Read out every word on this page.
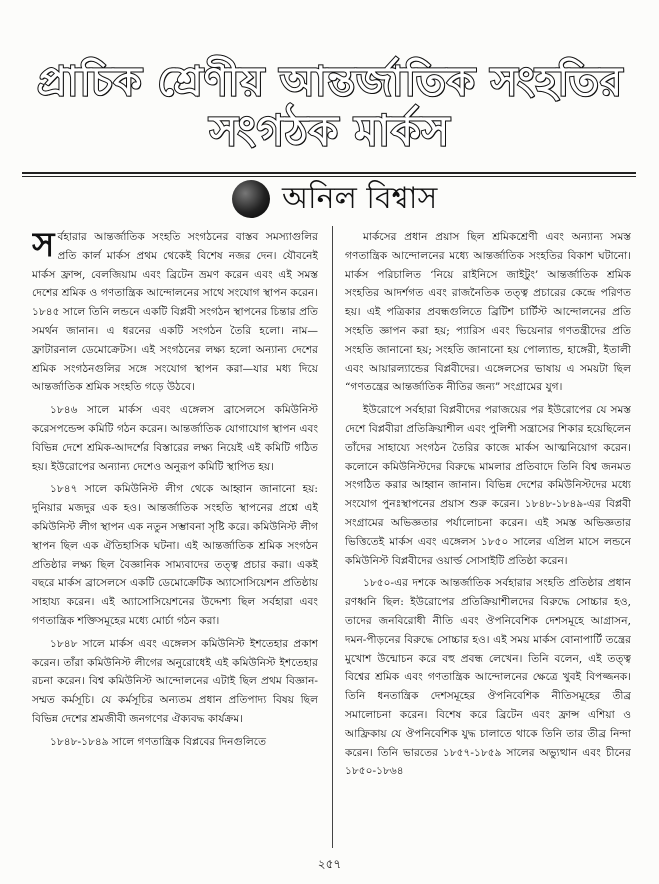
প্রাচিক শ্রেণীয় আন্তর্জাতিক সংহতির
সংগঠক মার্কস
অনিল বিশ্বাস

সর্বহারার আন্তর্জাতিক সংহতি সংগঠনের বাস্তব সমস্যাগুলির প্রতি কার্ল মার্কস প্রথম থেকেই বিশেষ নজর দেন। যৌবনেই মার্কস ফ্রান্স, বেলজিয়াম এবং ব্রিটেন ভ্রমণ করেন এবং এই সমস্ত দেশের শ্রমিক ও গণতান্ত্রিক আন্দোলনের সাথে সংযোগ স্থাপন করেন। ১৮৪৫ সালে তিনি লন্ডনে একটি বিপ্লবী সংগঠন স্থাপনের চিন্তার প্রতি সমর্থন জানান। এ ধরনের একটি সংগঠন তৈরি হলো। নাম—ফ্রাটারনাল ডেমোক্রেটস। এই সংগঠনের লক্ষ্য হলো অন্যান্য দেশের শ্রমিক সংগঠনগুলির সঙ্গে সংযোগ স্থাপন করা—যার মধ্য দিয়ে আন্তর্জাতিক শ্রমিক সংহতি গড়ে উঠবে।

১৮৪৬ সালে মার্কস এবং এঙ্গেলস ব্রাসেলসে কমিউনিস্ট করেসপন্ডেন্স কমিটি গঠন করেন। আন্তর্জাতিক যোগাযোগ স্থাপন এবং বিভিন্ন দেশে শ্রমিক-আদর্শের বিস্তারের লক্ষ্য নিয়েই এই কমিটি গঠিত হয়। ইউরোপের অন্যান্য দেশেও অনুরূপ কমিটি স্থাপিত হয়।

১৮৪৭ সালে কমিউনিস্ট লীগ থেকে আহ্বান জানানো হয়: দুনিয়ার মজদুর এক হও। আন্তর্জাতিক সংহতি স্থাপনের প্রশ্নে এই কমিউনিস্ট লীগ স্থাপন এক নতুন সম্ভাবনা সৃষ্টি করে। কমিউনিস্ট লীগ স্থাপন ছিল এক ঐতিহাসিক ঘটনা। এই আন্তর্জাতিক শ্রমিক সংগঠন প্রতিষ্ঠার লক্ষ্য ছিল বৈজ্ঞানিক সাম্যবাদের তত্ত্ব প্রচার করা। একই বছরে মার্কস ব্রাসেলসে একটি ডেমোক্রেটিক অ্যাসোসিয়েশন প্রতিষ্ঠায় সাহায্য করেন। এই অ্যাসোসিয়েশনের উদ্দেশ্য ছিল সর্বহারা এবং গণতান্ত্রিক শক্তিসমূহের মধ্যে মোর্চা গঠন করা।

১৮৪৮ সালে মার্কস এবং এঙ্গেলস কমিউনিস্ট ইশতেহার প্রকাশ করেন। তাঁরা কমিউনিস্ট লীগের অনুরোধেই এই কমিউনিস্ট ইশতেহার রচনা করেন। বিশ্ব কমিউনিস্ট আন্দোলনের এটাই ছিল প্রথম বিজ্ঞান-সম্মত কর্মসূচি। যে কর্মসূচির অন্যতম প্রধান প্রতিপাদ্য বিষয় ছিল বিভিন্ন দেশের শ্রমজীবী জনগণের ঐক্যবদ্ধ কার্যক্রম।

১৮৪৮-১৮৪৯ সালে গণতান্ত্রিক বিপ্লবের দিনগুলিতে

মার্কসের প্রধান প্রয়াস ছিল শ্রমিকশ্রেণী এবং অন্যান্য সমস্ত গণতান্ত্রিক আন্দোলনের মধ্যে আন্তর্জাতিক সংহতির বিকাশ ঘটানো। মার্কস পরিচালিত ‘নিয়ে রাইনিসে জাইটুং’ আন্তর্জাতিক শ্রমিক সংহতির আদর্শগত এবং রাজনৈতিক তত্ত্ব প্রচারের কেন্দ্রে পরিণত হয়। এই পত্রিকার প্রবন্ধগুলিতে ব্রিটিশ চার্টিস্ট আন্দোলনের প্রতি সংহতি জ্ঞাপন করা হয়; প্যারিস এবং ভিয়েনার গণতন্ত্রীদের প্রতি সংহতি জানানো হয়; সংহতি জানানো হয় পোল্যান্ড, হাঙ্গেরী, ইতালী এবং আয়ারল্যান্ডের বিপ্লবীদের। এঙ্গেলসের ভাষায় এ সময়টা ছিল “গণতন্ত্রের আন্তর্জাতিক নীতির জন্য” সংগ্রামের যুগ।

ইউরোপে সর্বহারা বিপ্লবীদের পরাজয়ের পর ইউরোপের যে সমস্ত দেশে বিপ্লবীরা প্রতিক্রিয়াশীল এবং পুলিশী সন্ত্রাসের শিকার হয়েছিলেন তাঁদের সাহায্যে সংগঠন তৈরির কাজে মার্কস আত্মনিয়োগ করেন। কলোনে কমিউনিস্টদের বিরুদ্ধে মামলার প্রতিবাদে তিনি বিশ্ব জনমত সংগঠিত করার আহ্বান জানান। বিভিন্ন দেশের কমিউনিস্টদের মধ্যে সংযোগ পুনঃস্থাপনের প্রয়াস শুরু করেন। ১৮৪৮-১৮৪৯-এর বিপ্লবী সংগ্রামের অভিজ্ঞতার পর্যালোচনা করেন। এই সমস্ত অভিজ্ঞতার ভিত্তিতেই মার্কস এবং এঙ্গেলস ১৮৫০ সালের এপ্রিল মাসে লন্ডনে কমিউনিস্ট বিপ্লবীদের ওয়ার্ল্ড সোসাইটি প্রতিষ্ঠা করেন।

১৮৫০-এর দশকে আন্তর্জাতিক সর্বহারার সংহতি প্রতিষ্ঠার প্রধান রণধ্বনি ছিল: ইউরোপের প্রতিক্রিয়াশীলদের বিরুদ্ধে সোচ্চার হও, তাদের জনবিরোধী নীতি এবং ঔপনিবেশিক দেশসমূহে আগ্রাসন, দমন-পীড়নের বিরুদ্ধে সোচ্চার হও। এই সময় মার্কস বোনাপার্টি তন্ত্রের মুখোশ উন্মোচন করে বহু প্রবন্ধ লেখেন। তিনি বলেন, এই তত্ত্ব বিশ্বের শ্রমিক এবং গণতান্ত্রিক আন্দোলনের ক্ষেত্রে খুবই বিপজ্জনক। তিনি ধনতান্ত্রিক দেশসমূহের ঔপনিবেশিক নীতিসমূহের তীব্র সমালোচনা করেন। বিশেষ করে ব্রিটেন এবং ফ্রান্স এশিয়া ও আফ্রিকায় যে ঔপনিবেশিক যুদ্ধ চালাতে থাকে তিনি তার তীব্র নিন্দা করেন। তিনি ভারতের ১৮৫৭-১৮৫৯ সালের অভ্যুত্থান এবং চীনের ১৮৫০-১৮৬৪

২৫৭
